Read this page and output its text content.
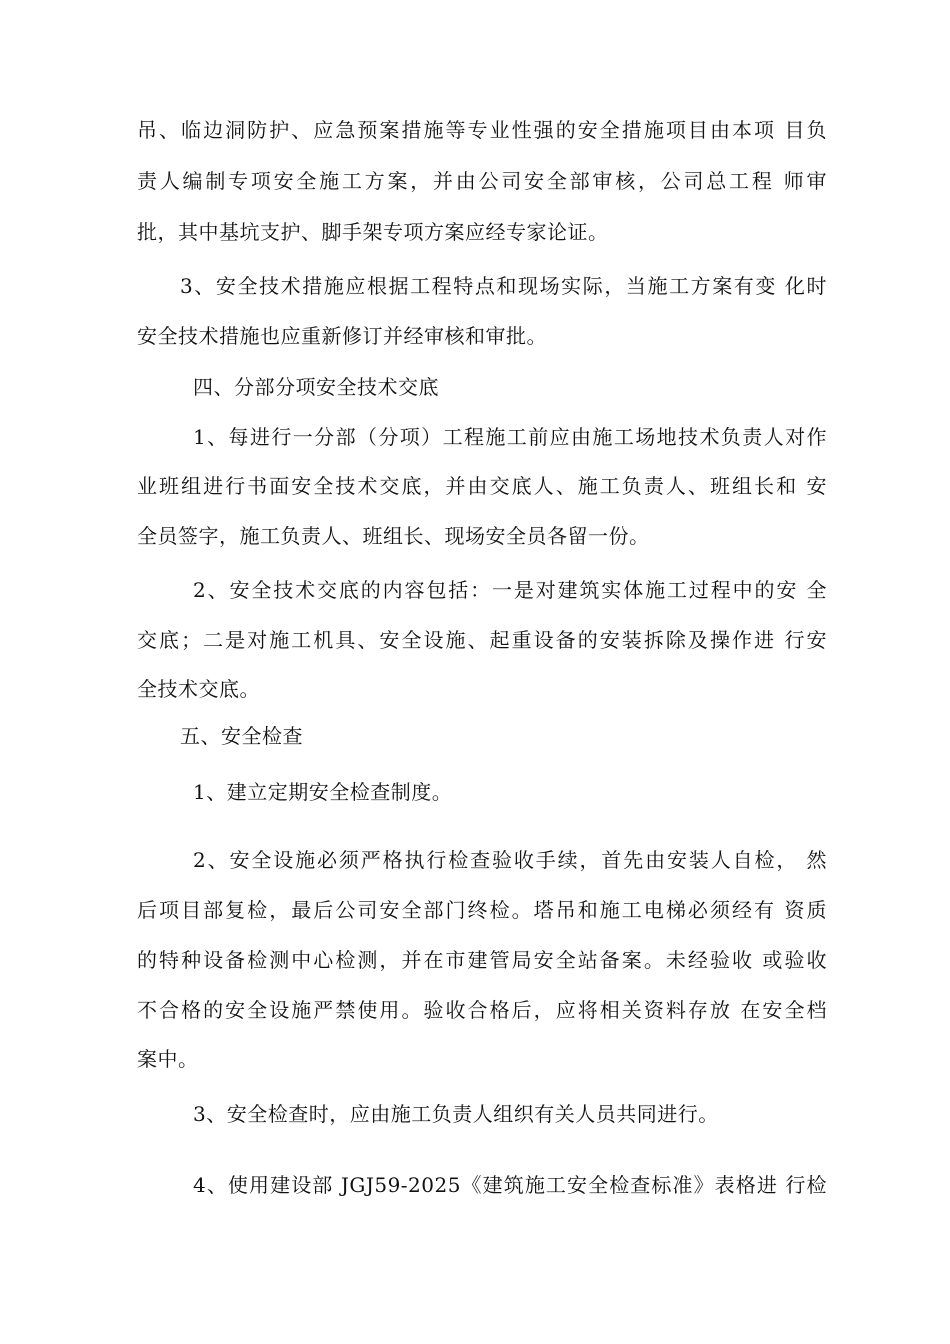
吊、临边洞防护、应急预案措施等专业性强的安全措施项目由本项 目负
责人编制专项安全施工方案，并由公司安全部审核，公司总工程 师审
批，其中基坑支护、脚手架专项方案应经专家论证。
3、安全技术措施应根据工程特点和现场实际，当施工方案有变 化时
安全技术措施也应重新修订并经审核和审批。
四、分部分项安全技术交底
1、每进行一分部（分项）工程施工前应由施工场地技术负责人对作
业班组进行书面安全技术交底，并由交底人、施工负责人、班组长和 安
全员签字，施工负责人、班组长、现场安全员各留一份。
2、安全技术交底的内容包括：一是对建筑实体施工过程中的安 全
交底；二是对施工机具、安全设施、起重设备的安装拆除及操作进 行安
全技术交底。
五、安全检查
1、建立定期安全检查制度。
2、安全设施必须严格执行检查验收手续，首先由安装人自检， 然
后项目部复检，最后公司安全部门终检。塔吊和施工电梯必须经有 资质
的特种设备检测中心检测，并在市建管局安全站备案。未经验收 或验收
不合格的安全设施严禁使用。验收合格后，应将相关资料存放 在安全档
案中。
3、安全检查时，应由施工负责人组织有关人员共同进行。
4、使用建设部 JGJ59-2025《建筑施工安全检查标准》表格进 行检
